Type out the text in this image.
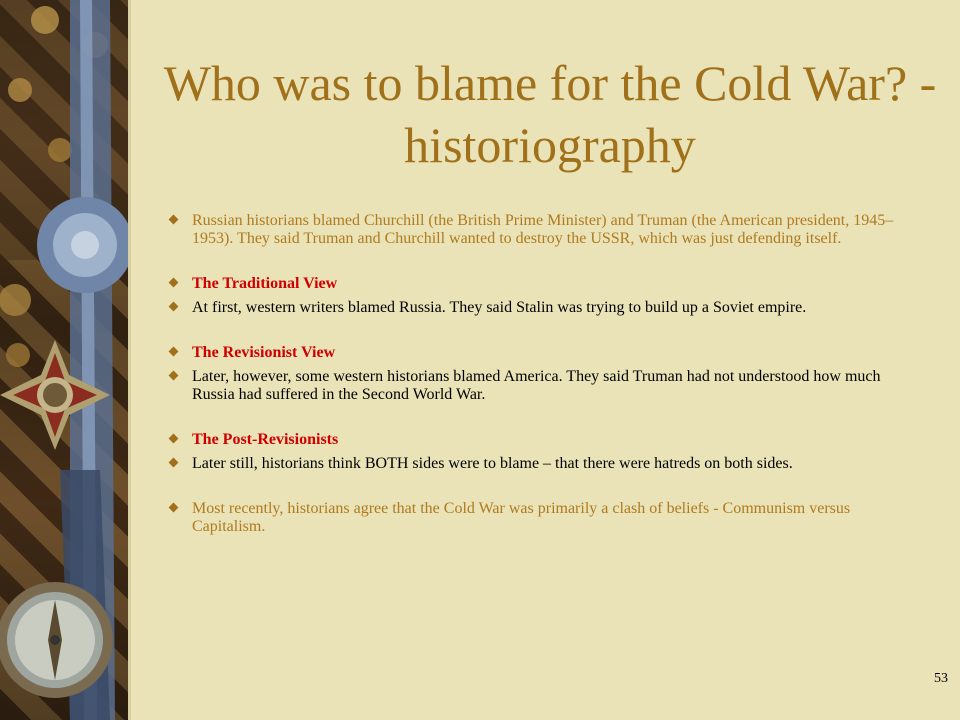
Who was to blame for the Cold War? - historiography
Russian historians blamed Churchill (the British Prime Minister) and Truman (the American president, 1945–1953). They said Truman and Churchill wanted to destroy the USSR, which was just defending itself.
The Traditional View
At first, western writers blamed Russia. They said Stalin was trying to build up a Soviet empire.
The Revisionist View
Later, however, some western historians blamed America. They said Truman had not understood how much Russia had suffered in the Second World War.
The Post-Revisionists
Later still, historians think BOTH sides were to blame – that there were hatreds on both sides.
Most recently, historians agree that the Cold War was primarily a clash of beliefs - Communism versus Capitalism.
53
